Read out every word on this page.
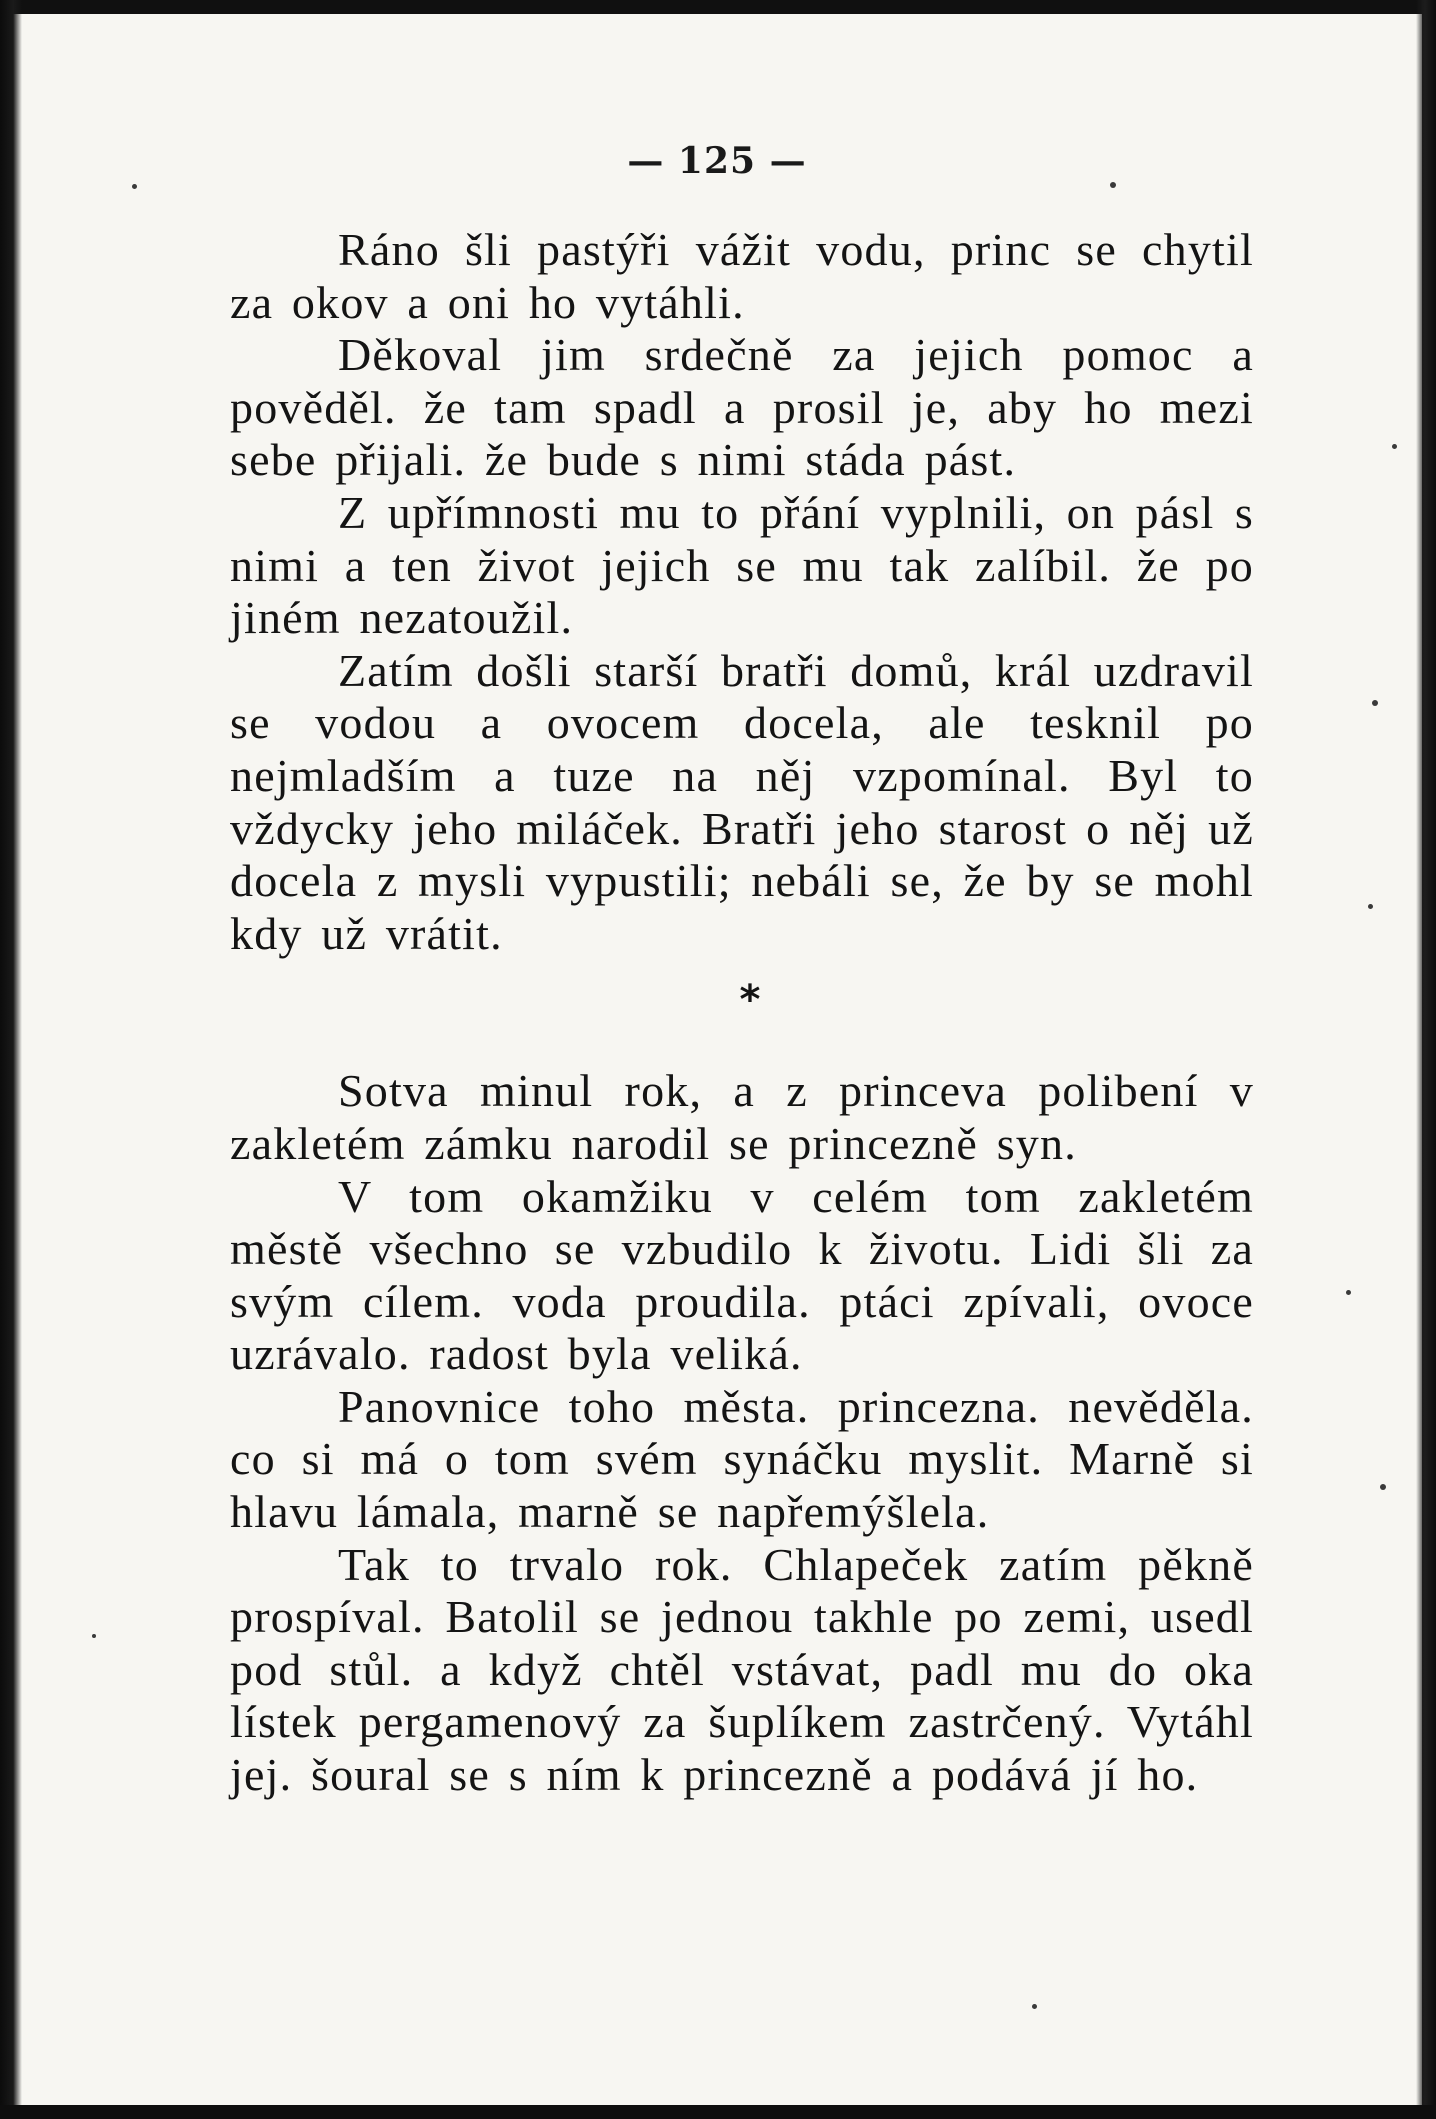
— 125 —

Ráno šli pastýři vážit vodu, princ se chytil za okov a oni ho vytáhli.

Děkoval jim srdečně za jejich pomoc a pověděl. že tam spadl a prosil je, aby ho mezi sebe přijali. že bude s nimi stáda pást.

Z upřímnosti mu to přání vyplnili, on pásl s nimi a ten život jejich se mu tak zalíbil. že po jiném nezatoužil.

Zatím došli starší bratři domů, král uzdravil se vodou a ovocem docela, ale tesknil po nejmladším a tuze na něj vzpomínal. Byl to vždycky jeho miláček. Bratři jeho starost o něj už docela z mysli vypustili; nebáli se, že by se mohl kdy už vrátit.

*

Sotva minul rok, a z princeva polibení v zakletém zámku narodil se princezně syn.

V tom okamžiku v celém tom zakletém městě všechno se vzbudilo k životu. Lidi šli za svým cílem. voda proudila. ptáci zpívali, ovoce uzrávalo. radost byla veliká.

Panovnice toho města. princezna. nevěděla. co si má o tom svém synáčku myslit. Marně si hlavu lámala, marně se napřemýšlela.

Tak to trvalo rok. Chlapeček zatím pěkně prospíval. Batolil se jednou takhle po zemi, usedl pod stůl. a když chtěl vstávat, padl mu do oka lístek pergamenový za šuplíkem zastrčený. Vytáhl jej. šoural se s ním k princezně a podává jí ho.
